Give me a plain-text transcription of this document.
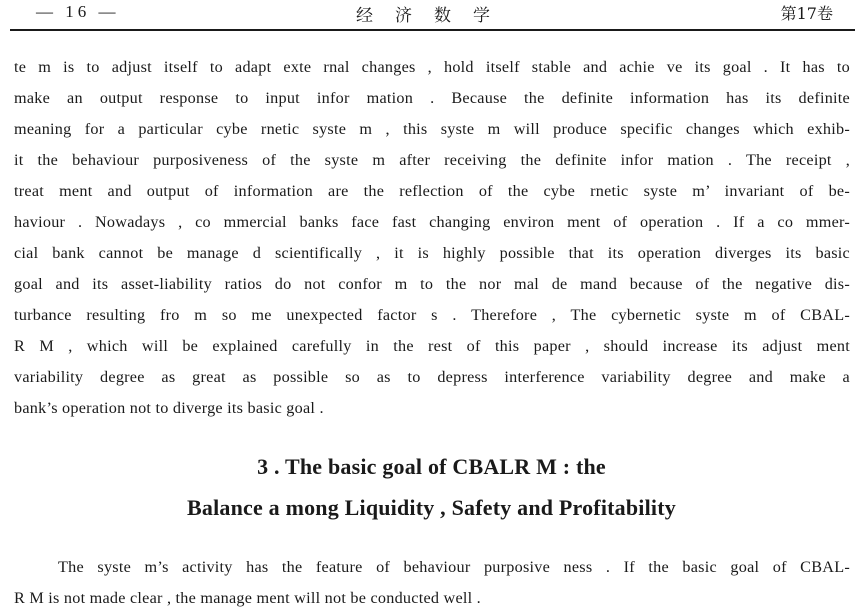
— 16 —	经济数学	第17卷
te m is to adjust itself to adapt exte rnal changes , hold itself stable and achie ve its goal . It has to
make an output response to input infor mation . Because the definite information has its definite
meaning for a particular cybe rnetic syste m , this syste m will produce specific changes which exhib-
it the behaviour purposiveness of the syste m after receiving the definite infor mation . The receipt ,
treat ment and output of information are the reflection of the cybe rnetic syste m’ invariant of be-
haviour . Nowadays , co mmercial banks face fast changing environ ment of operation . If a co mmer-
cial bank cannot be manage d scientifically , it is highly possible that its operation diverges its basic
goal and its asset-liability ratios do not confor m to the nor mal de mand because of the negative dis-
turbance resulting fro m so me unexpected factor s . Therefore , The cybernetic syste m of CBAL-
R M , which will be explained carefully in the rest of this paper , should increase its adjust ment
variability degree as great as possible so as to depress interference variability degree and make a
bank’s operation not to diverge its basic goal .
3 . The basic goal of CBALR M : the
Balance a mong Liquidity , Safety and Profitability
The syste m’s activity has the feature of behaviour purposive ness . If the basic goal of CBAL-
R M is not made clear , the manage ment will not be conducted well .
